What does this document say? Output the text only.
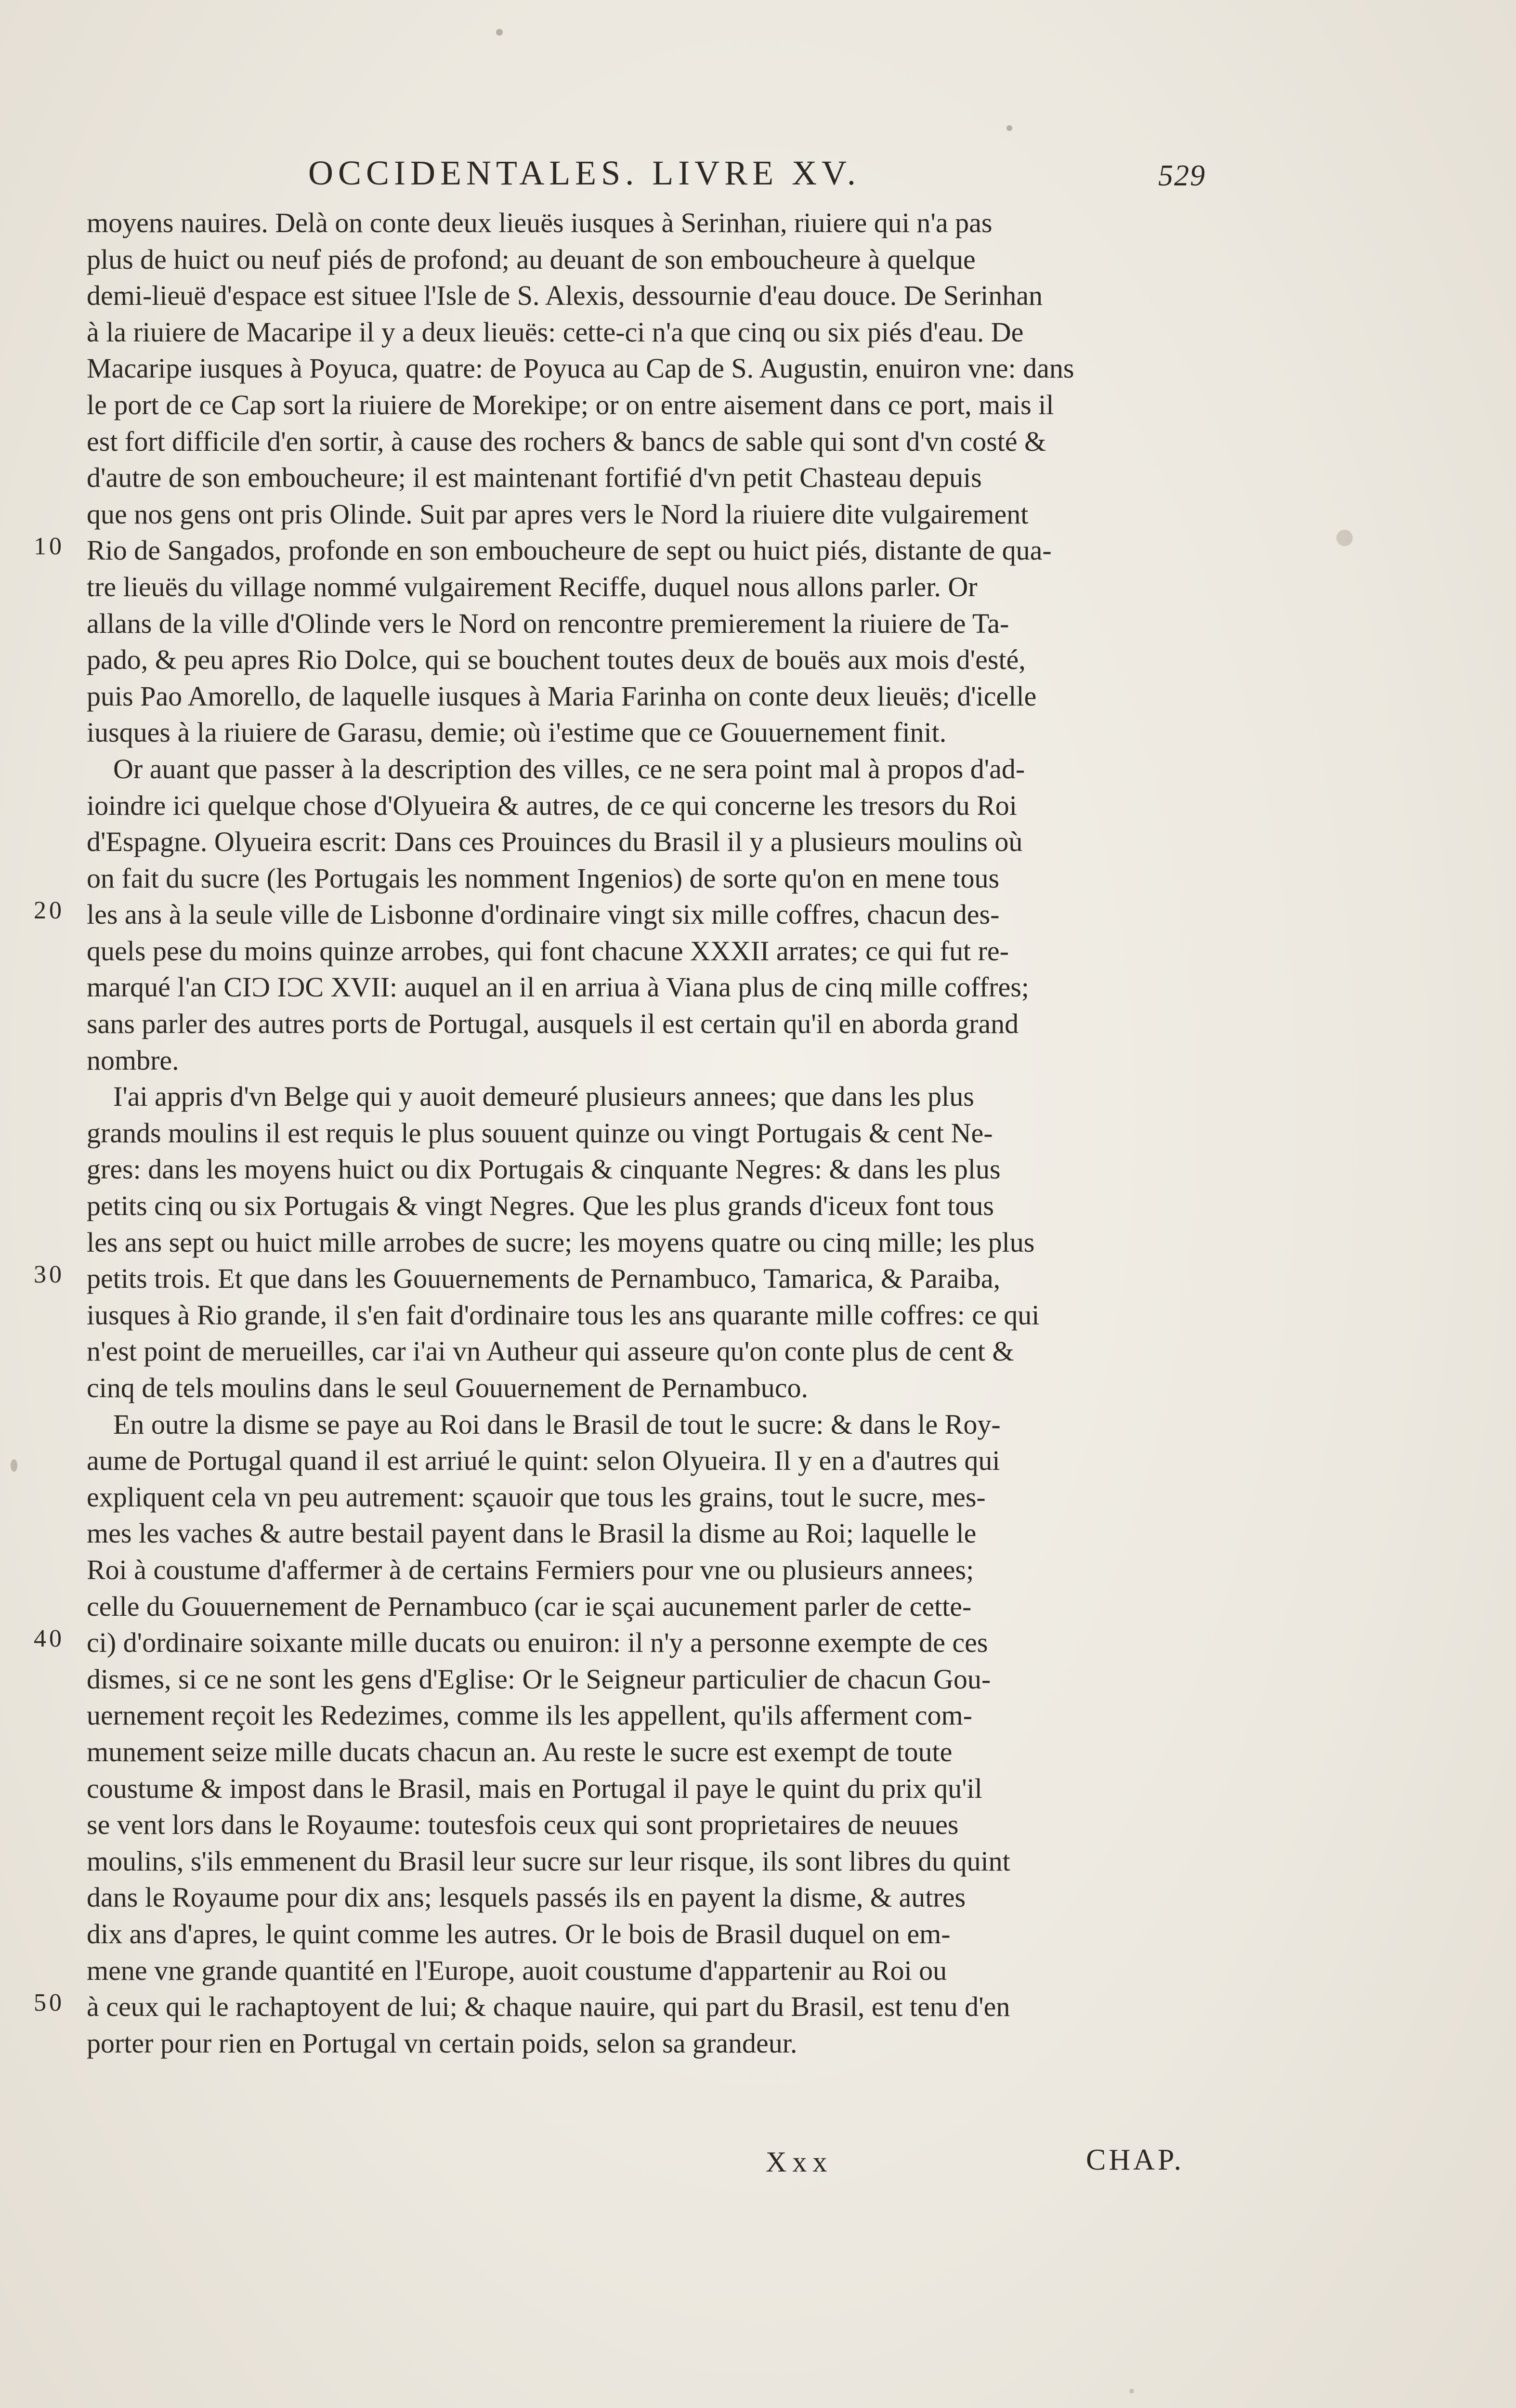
OCCIDENTALES. LIVRE XV.	529
10
20
30
40
50
moyens nauires. Delà on conte deux lieuës iusques à Serinhan, riuiere qui n'a pas
plus de huict ou neuf piés de profond; au deuant de son emboucheure à quelque
demi-lieuë d'espace est situee l'Isle de S. Alexis, dessournie d'eau douce. De Serinhan
à la riuiere de Macaripe il y a deux lieuës: cette-ci n'a que cinq ou six piés d'eau. De
Macaripe iusques à Poyuca, quatre: de Poyuca au Cap de S. Augustin, enuiron vne: dans
le port de ce Cap sort la riuiere de Morekipe; or on entre aisement dans ce port, mais il
est fort difficile d'en sortir, à cause des rochers & bancs de sable qui sont d'vn costé &
d'autre de son emboucheure; il est maintenant fortifié d'vn petit Chasteau depuis
que nos gens ont pris Olinde. Suit par apres vers le Nord la riuiere dite vulgairement
Rio de Sangados, profonde en son emboucheure de sept ou huict piés, distante de qua-
tre lieuës du village nommé vulgairement Reciffe, duquel nous allons parler. Or
allans de la ville d'Olinde vers le Nord on rencontre premierement la riuiere de Ta-
pado, & peu apres Rio Dolce, qui se bouchent toutes deux de bouës aux mois d'esté,
puis Pao Amorello, de laquelle iusques à Maria Farinha on conte deux lieuës; d'icelle
iusques à la riuiere de Garasu, demie; où i'estime que ce Gouuernement finit.
Or auant que passer à la description des villes, ce ne sera point mal à propos d'ad-
ioindre ici quelque chose d'Olyueira & autres, de ce qui concerne les tresors du Roi
d'Espagne. Olyueira escrit: Dans ces Prouinces du Brasil il y a plusieurs moulins où
on fait du sucre (les Portugais les nomment Ingenios) de sorte qu'on en mene tous
les ans à la seule ville de Lisbonne d'ordinaire vingt six mille coffres, chacun des-
quels pese du moins quinze arrobes, qui font chacune XXXII arrates; ce qui fut re-
marqué l'an CIƆ IƆC XVII: auquel an il en arriua à Viana plus de cinq mille coffres;
sans parler des autres ports de Portugal, ausquels il est certain qu'il en aborda grand
nombre.
I'ai appris d'vn Belge qui y auoit demeuré plusieurs annees; que dans les plus
grands moulins il est requis le plus souuent quinze ou vingt Portugais & cent Ne-
gres: dans les moyens huict ou dix Portugais & cinquante Negres: & dans les plus
petits cinq ou six Portugais & vingt Negres. Que les plus grands d'iceux font tous
les ans sept ou huict mille arrobes de sucre; les moyens quatre ou cinq mille; les plus
petits trois. Et que dans les Gouuernements de Pernambuco, Tamarica, & Paraiba,
iusques à Rio grande, il s'en fait d'ordinaire tous les ans quarante mille coffres: ce qui
n'est point de merueilles, car i'ai vn Autheur qui asseure qu'on conte plus de cent &
cinq de tels moulins dans le seul Gouuernement de Pernambuco.
En outre la disme se paye au Roi dans le Brasil de tout le sucre: & dans le Roy-
aume de Portugal quand il est arriué le quint: selon Olyueira. Il y en a d'autres qui
expliquent cela vn peu autrement: sçauoir que tous les grains, tout le sucre, mes-
mes les vaches & autre bestail payent dans le Brasil la disme au Roi; laquelle le
Roi à coustume d'affermer à de certains Fermiers pour vne ou plusieurs annees;
celle du Gouuernement de Pernambuco (car ie sçai aucunement parler de cette-
ci) d'ordinaire soixante mille ducats ou enuiron: il n'y a personne exempte de ces
dismes, si ce ne sont les gens d'Eglise: Or le Seigneur particulier de chacun Gou-
uernement reçoit les Redezimes, comme ils les appellent, qu'ils afferment com-
munement seize mille ducats chacun an. Au reste le sucre est exempt de toute
coustume & impost dans le Brasil, mais en Portugal il paye le quint du prix qu'il
se vent lors dans le Royaume: toutesfois ceux qui sont proprietaires de neuues
moulins, s'ils emmenent du Brasil leur sucre sur leur risque, ils sont libres du quint
dans le Royaume pour dix ans; lesquels passés ils en payent la disme, & autres
dix ans d'apres, le quint comme les autres. Or le bois de Brasil duquel on em-
mene vne grande quantité en l'Europe, auoit coustume d'appartenir au Roi ou
à ceux qui le rachaptoyent de lui; & chaque nauire, qui part du Brasil, est tenu d'en
porter pour rien en Portugal vn certain poids, selon sa grandeur.
Xxx	CHAP.
